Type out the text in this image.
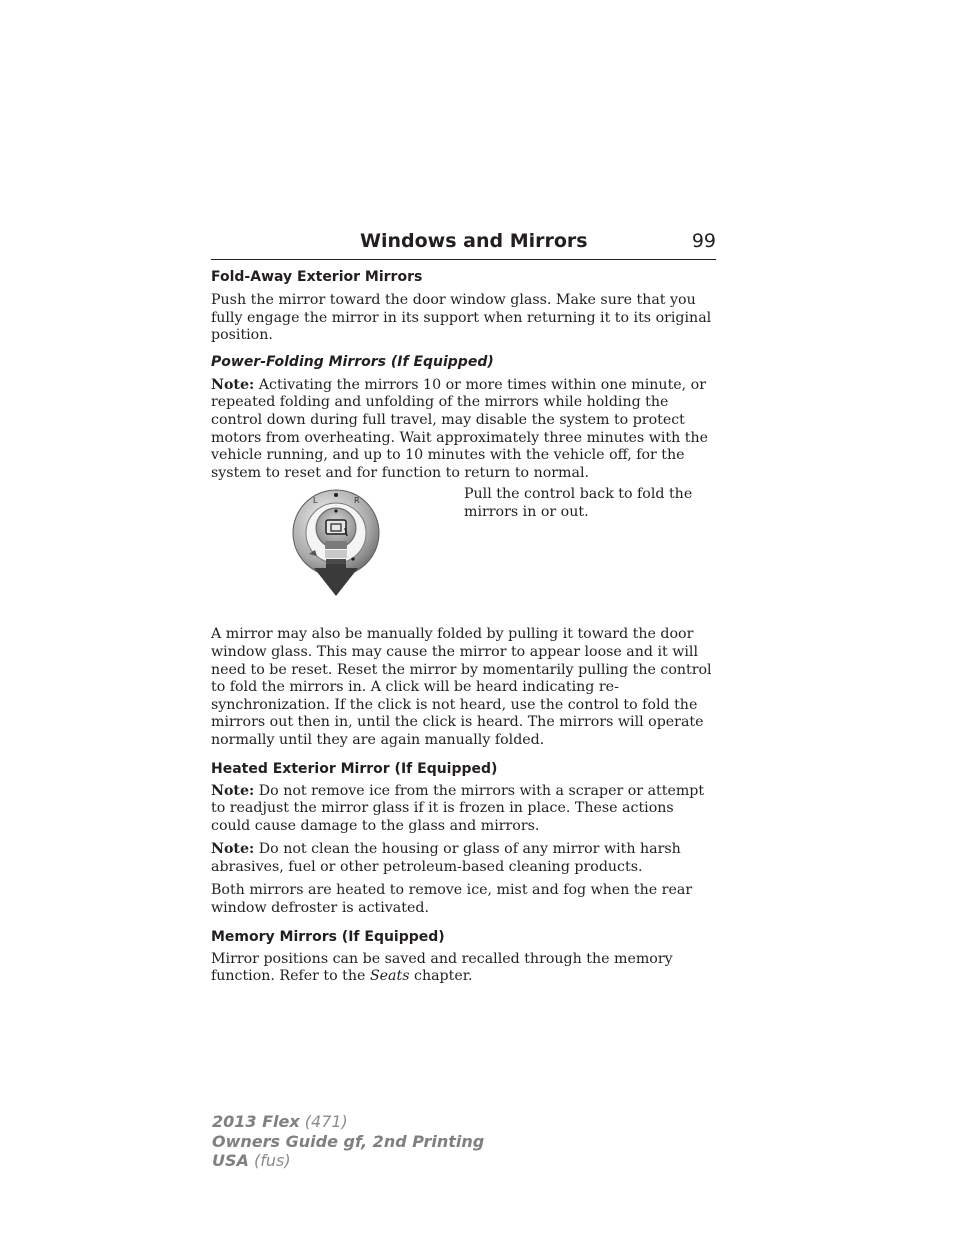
Windows and Mirrors	99
Fold-Away Exterior Mirrors

Push the mirror toward the door window glass. Make sure that you fully engage the mirror in its support when returning it to its original position.

Power-Folding Mirrors (If Equipped)

Note: Activating the mirrors 10 or more times within one minute, or repeated folding and unfolding of the mirrors while holding the control down during full travel, may disable the system to protect motors from overheating. Wait approximately three minutes with the vehicle running, and up to 10 minutes with the vehicle off, for the system to reset and for function to return to normal.

L	R	Pull the control back to fold the mirrors in or out.

A mirror may also be manually folded by pulling it toward the door window glass. This may cause the mirror to appear loose and it will need to be reset. Reset the mirror by momentarily pulling the control to fold the mirrors in. A click will be heard indicating re-synchronization. If the click is not heard, use the control to fold the mirrors out then in, until the click is heard. The mirrors will operate normally until they are again manually folded.

Heated Exterior Mirror (If Equipped)

Note: Do not remove ice from the mirrors with a scraper or attempt to readjust the mirror glass if it is frozen in place. These actions could cause damage to the glass and mirrors.

Note: Do not clean the housing or glass of any mirror with harsh abrasives, fuel or other petroleum-based cleaning products.

Both mirrors are heated to remove ice, mist and fog when the rear window defroster is activated.

Memory Mirrors (If Equipped)

Mirror positions can be saved and recalled through the memory function. Refer to the Seats chapter.

2013 Flex (471)
Owners Guide gf, 2nd Printing
USA (fus)
